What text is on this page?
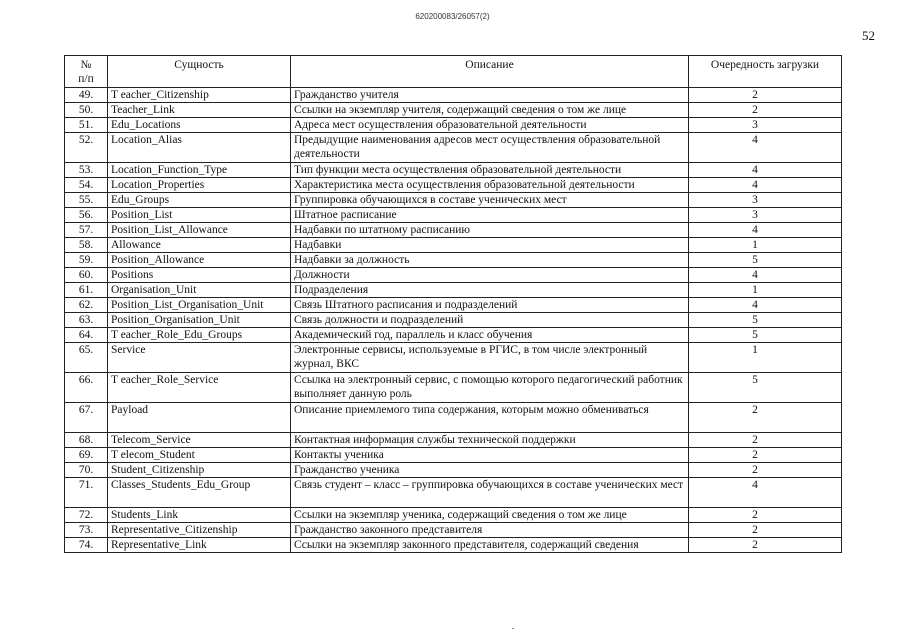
620200083/26057(2)
52
№
п/п	Сущность	Описание	Очередность загрузки
49.	T eacher_Citizenship	Гражданство учителя	2
50.	Teacher_Link	Ссылки на экземпляр учителя, содержащий сведения о том же лице	2
51.	Edu_Locations	Адреса мест осуществления образовательной деятельности	3
52.	Location_Alias	Предыдущие наименования адресов мест осуществления образовательной деятельности	4
53.	Location_Function_Type	Тип функции места осуществления образовательной деятельности	4
54.	Location_Properties	Характеристика места осуществления образовательной деятельности	4
55.	Edu_Groups	Группировка обучающихся в составе ученических мест	3
56.	Position_List	Штатное расписание	3
57.	Position_List_Allowance	Надбавки по штатному расписанию	4
58.	Allowance	Надбавки	1
59.	Position_Allowance	Надбавки за должность	5
60.	Positions	Должности	4
61.	Organisation_Unit	Подразделения	1
62.	Position_List_Organisation_Unit	Связь Штатного расписания и подразделений	4
63.	Position_Organisation_Unit	Связь должности и подразделений	5
64.	T eacher_Role_Edu_Groups	Академический год, параллель и класс обучения	5
65.	Service	Электронные сервисы, используемые в РГИС, в том числе электронный журнал, ВКС	1
66.	T eacher_Role_Service	Ссылка на электронный сервис, с помощью которого педагогический работник выполняет данную роль	5
67.	Payload	Описание приемлемого типа содержания, которым можно обмениваться	2
68.	Telecom_Service	Контактная информация службы технической поддержки	2
69.	T elecom_Student	Контакты ученика	2
70.	Student_Citizenship	Гражданство ученика	2
71.	Classes_Students_Edu_Group	Связь студент – класс – группировка обучающихся в составе ученических мест	4
72.	Students_Link	Ссылки на экземпляр ученика, содержащий сведения о том же лице	2
73.	Representative_Citizenship	Гражданство законного представителя	2
74.	Representative_Link	Ссылки на экземпляр законного представителя, содержащий сведения	2
